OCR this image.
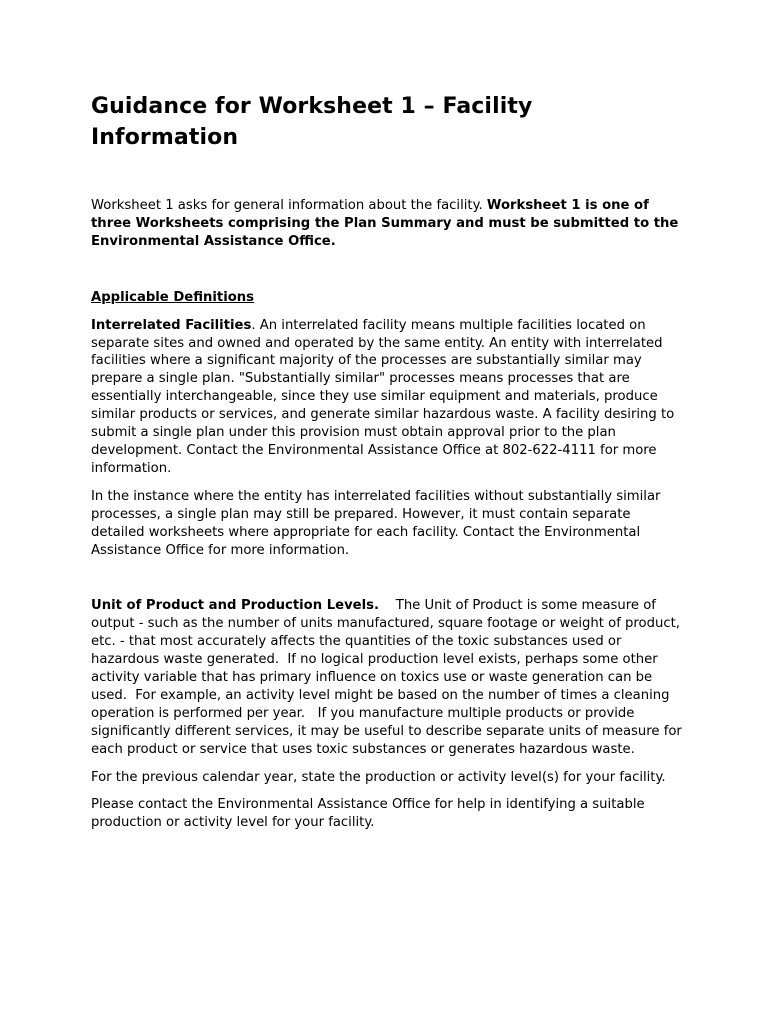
Guidance for Worksheet 1 – Facility Information

Worksheet 1 asks for general information about the facility. Worksheet 1 is one of three Worksheets comprising the Plan Summary and must be submitted to the Environmental Assistance Office.

Applicable Definitions

Interrelated Facilities. An interrelated facility means multiple facilities located on separate sites and owned and operated by the same entity. An entity with interrelated facilities where a significant majority of the processes are substantially similar may prepare a single plan. "Substantially similar" processes means processes that are essentially interchangeable, since they use similar equipment and materials, produce similar products or services, and generate similar hazardous waste. A facility desiring to submit a single plan under this provision must obtain approval prior to the plan development. Contact the Environmental Assistance Office at 802-622-4111 for more information.

In the instance where the entity has interrelated facilities without substantially similar processes, a single plan may still be prepared. However, it must contain separate detailed worksheets where appropriate for each facility. Contact the Environmental Assistance Office for more information.

Unit of Product and Production Levels.    The Unit of Product is some measure of output - such as the number of units manufactured, square footage or weight of product, etc. - that most accurately affects the quantities of the toxic substances used or hazardous waste generated.  If no logical production level exists, perhaps some other activity variable that has primary influence on toxics use or waste generation can be used.  For example, an activity level might be based on the number of times a cleaning operation is performed per year.   If you manufacture multiple products or provide significantly different services, it may be useful to describe separate units of measure for each product or service that uses toxic substances or generates hazardous waste.

For the previous calendar year, state the production or activity level(s) for your facility.

Please contact the Environmental Assistance Office for help in identifying a suitable production or activity level for your facility.
